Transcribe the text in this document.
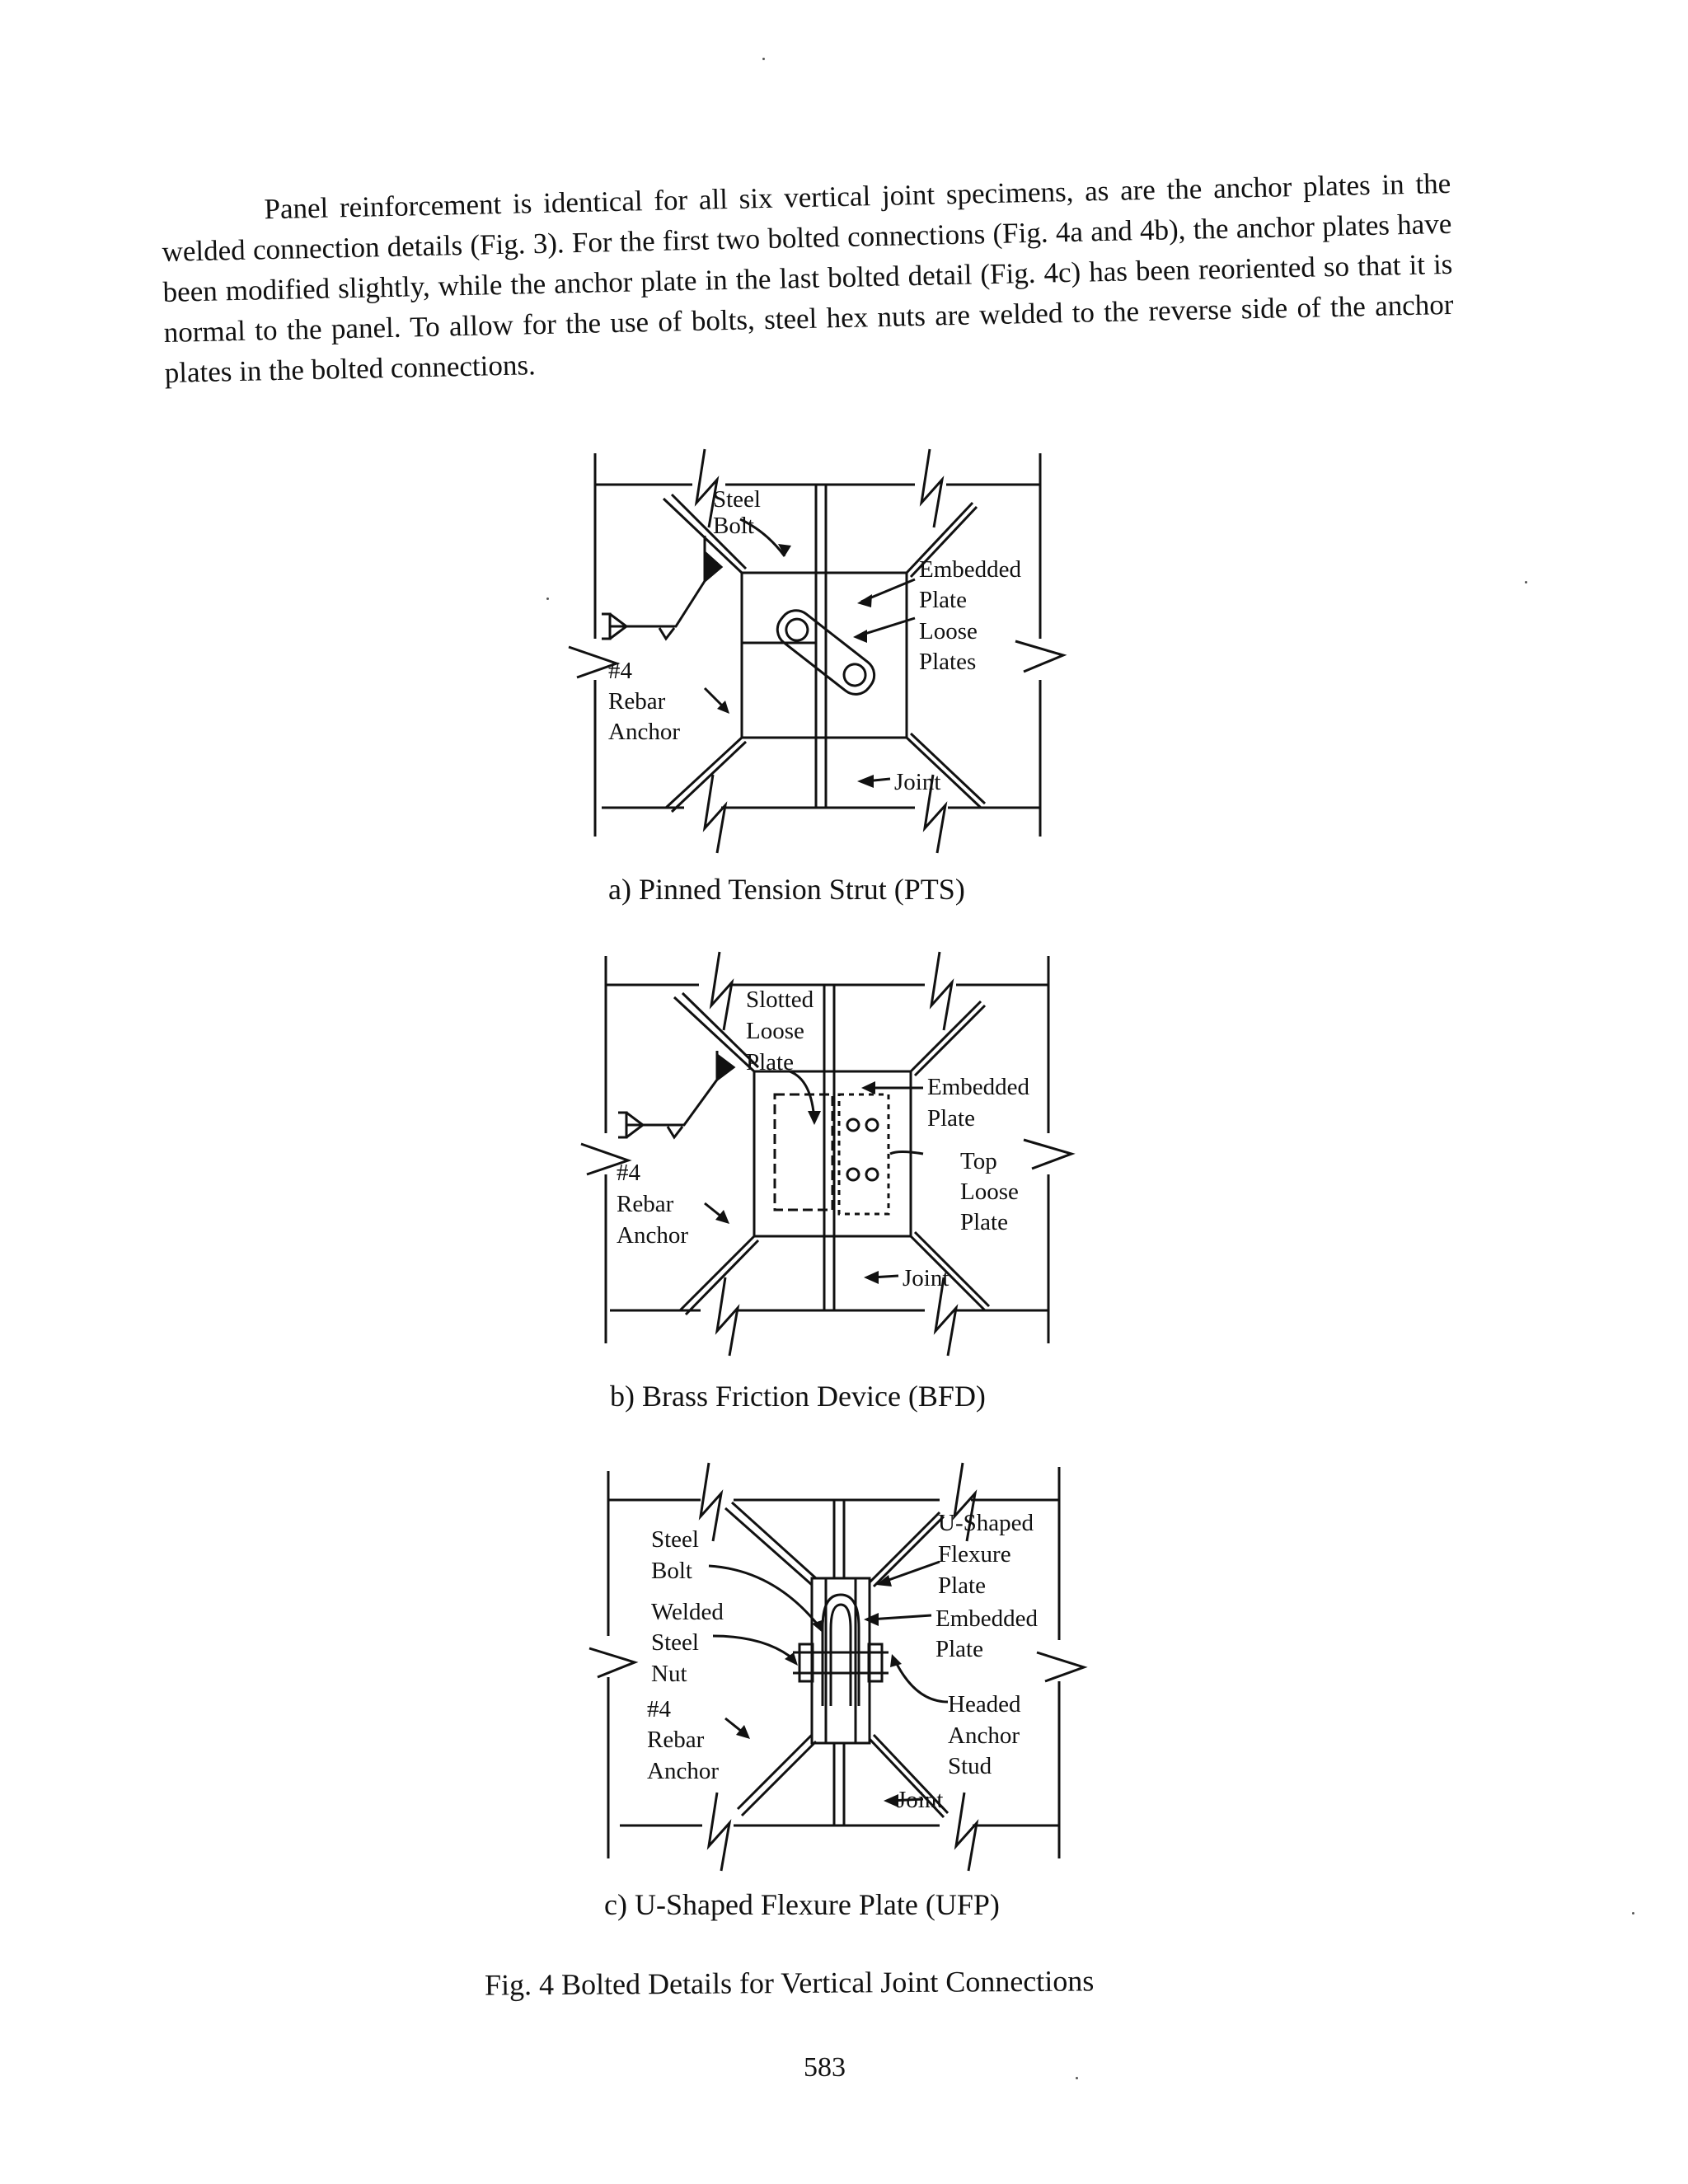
Panel reinforcement is identical for all six vertical joint specimens, as are the anchor plates in the welded connection details (Fig. 3). For the first two bolted connections (Fig. 4a and 4b), the anchor plates have been modified slightly, while the anchor plate in the last bolted detail (Fig. 4c) has been reoriented so that it is normal to the panel. To allow for the use of bolts, steel hex nuts are welded to the reverse side of the anchor plates in the bolted connections.

Steel
Bolt
Embedded
Plate
Loose
Plates
#4
Rebar
Anchor
Joint
a) Pinned Tension Strut (PTS)
Slotted
Loose
Plate
Embedded
Plate
Top
Loose
Plate
#4
Rebar
Anchor
Joint
b) Brass Friction Device (BFD)
Steel
Bolt
Welded
Steel
Nut
#4
Rebar
Anchor
U-Shaped
Flexure
Plate
Embedded
Plate
Headed
Anchor
Stud
Joint
c) U-Shaped Flexure Plate (UFP)
Fig. 4 Bolted Details for Vertical Joint Connections
583
